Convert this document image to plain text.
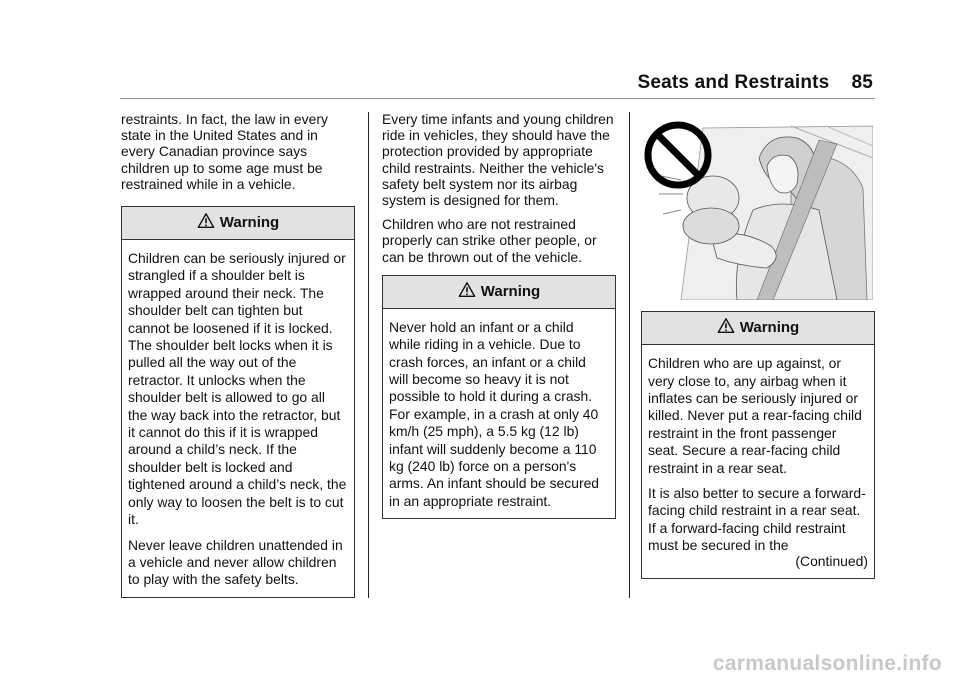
Seats and Restraints 85

restraints. In fact, the law in every state in the United States and in every Canadian province says children up to some age must be restrained while in a vehicle.

Warning

Children can be seriously injured or strangled if a shoulder belt is wrapped around their neck. The shoulder belt can tighten but cannot be loosened if it is locked. The shoulder belt locks when it is pulled all the way out of the retractor. It unlocks when the shoulder belt is allowed to go all the way back into the retractor, but it cannot do this if it is wrapped around a child’s neck. If the shoulder belt is locked and tightened around a child’s neck, the only way to loosen the belt is to cut it.

Never leave children unattended in a vehicle and never allow children to play with the safety belts.

Every time infants and young children ride in vehicles, they should have the protection provided by appropriate child restraints. Neither the vehicle's safety belt system nor its airbag system is designed for them.

Children who are not restrained properly can strike other people, or can be thrown out of the vehicle.

Warning

Never hold an infant or a child while riding in a vehicle. Due to crash forces, an infant or a child will become so heavy it is not possible to hold it during a crash. For example, in a crash at only 40 km/h (25 mph), a 5.5 kg (12 lb) infant will suddenly become a 110 kg (240 lb) force on a person's arms. An infant should be secured in an appropriate restraint.

Warning

Children who are up against, or very close to, any airbag when it inflates can be seriously injured or killed. Never put a rear-facing child restraint in the front passenger seat. Secure a rear-facing child restraint in a rear seat.

It is also better to secure a forward-facing child restraint in a rear seat. If a forward-facing child restraint must be secured in the

(Continued)
carmanualsonline.info
